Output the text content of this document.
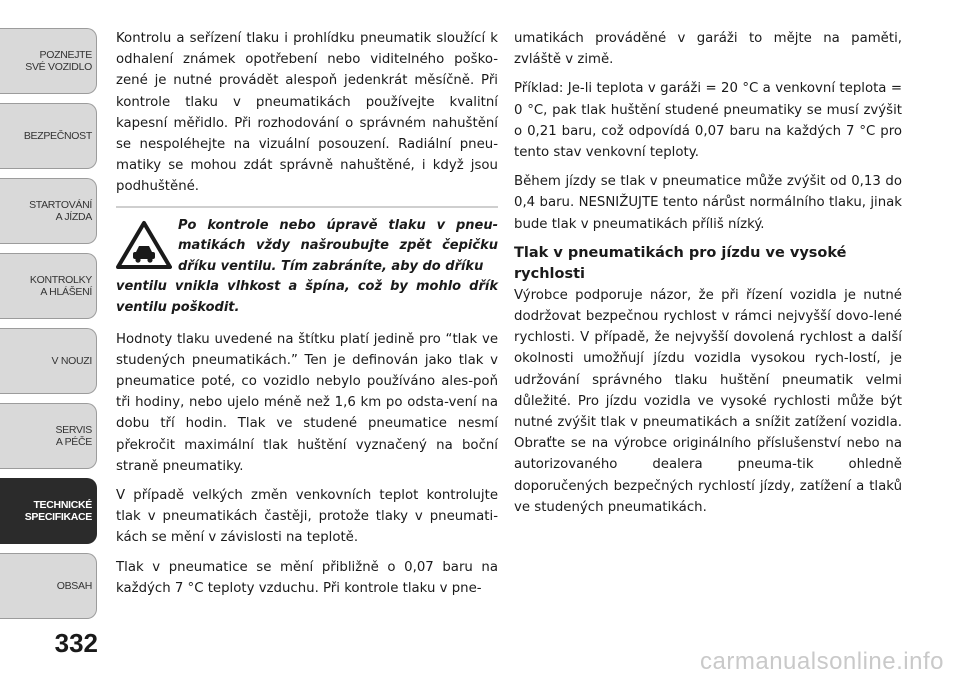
POZNEJTE
SVÉ VOZIDLO
BEZPEČNOST
STARTOVÁNÍ
A JÍZDA
KONTROLKY
A HLÁŠENÍ
V NOUZI
SERVIS
A PÉČE
TECHNICKÉ
SPECIFIKACE
OBSAH
332

Kontrolu a seřízení tlaku i prohlídku pneumatik sloužící k odhalení známek opotřebení nebo viditelného poško-zené je nutné provádět alespoň jedenkrát měsíčně. Při kontrole tlaku v pneumatikách používejte kvalitní kapesní měřidlo. Při rozhodování o správném nahuštění se nespoléhejte na vizuální posouzení. Radiální pneu-matiky se mohou zdát správně nahuštěné, i když jsou podhuštěné.

Po kontrole nebo úpravě tlaku v pneu-matikách vždy našroubujte zpět čepičku dříku ventilu. Tím zabráníte, aby do dříku
ventilu vnikla vlhkost a špína, což by mohlo dřík ventilu poškodit.

Hodnoty tlaku uvedené na štítku platí jedině pro “tlak ve studených pneumatikách.” Ten je definován jako tlak v pneumatice poté, co vozidlo nebylo používáno ales-poň tři hodiny, nebo ujelo méně než 1,6 km po odsta-vení na dobu tří hodin. Tlak ve studené pneumatice nesmí překročit maximální tlak huštění vyznačený na boční straně pneumatiky.

V případě velkých změn venkovních teplot kontrolujte tlak v pneumatikách častěji, protože tlaky v pneumati-kách se mění v závislosti na teplotě.

Tlak v pneumatice se mění přibližně o 0,07 baru na každých 7 °C teploty vzduchu. Při kontrole tlaku v pne-

umatikách prováděné v garáži to mějte na paměti, zvláště v zimě.

Příklad: Je-li teplota v garáži = 20 °C a venkovní teplota = 0 °C, pak tlak huštění studené pneumatiky se musí zvýšit o 0,21 baru, což odpovídá 0,07 baru na každých 7 °C pro tento stav venkovní teploty.

Během jízdy se tlak v pneumatice může zvýšit od 0,13 do 0,4 baru. NESNIŽUJTE tento nárůst normálního tlaku, jinak bude tlak v pneumatikách příliš nízký.

Tlak v pneumatikách pro jízdu ve vysoké rychlosti

Výrobce podporuje názor, že při řízení vozidla je nutné dodržovat bezpečnou rychlost v rámci nejvyšší dovo-lené rychlosti. V případě, že nejvyšší dovolená rychlost a další okolnosti umožňují jízdu vozidla vysokou rych-lostí, je udržování správného tlaku huštění pneumatik velmi důležité. Pro jízdu vozidla ve vysoké rychlosti může být nutné zvýšit tlak v pneumatikách a snížit zatížení vozidla. Obraťte se na výrobce originálního příslušenství nebo na autorizovaného dealera pneuma-tik ohledně doporučených bezpečných rychlostí jízdy, zatížení a tlaků ve studených pneumatikách.

carmanualsonline.info
